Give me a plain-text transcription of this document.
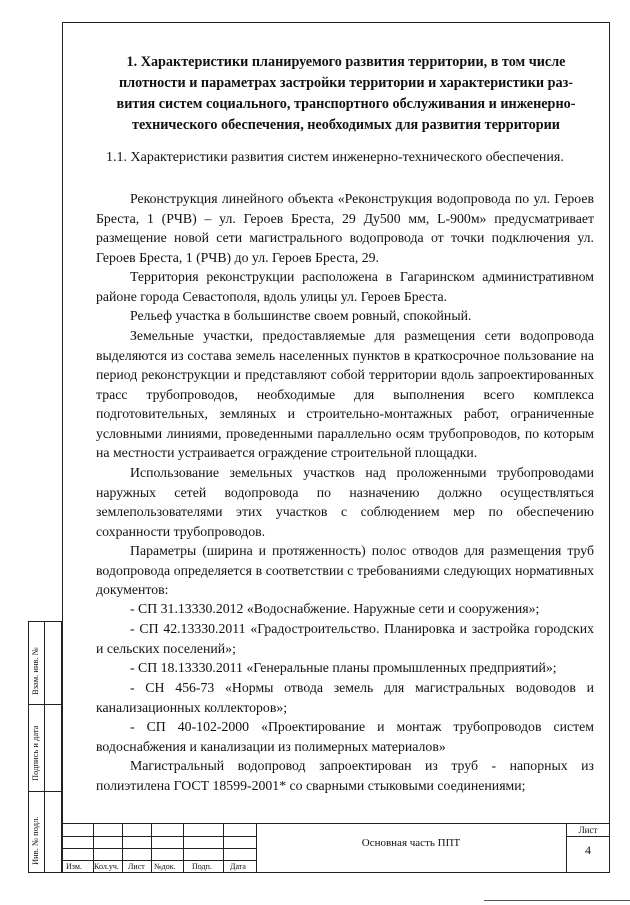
1. Характеристики планируемого развития территории, в том числе
плотности и параметрах застройки территории и характеристики раз-
вития систем социального, транспортного обслуживания и инженерно-
технического обеспечения, необходимых для развития территории
1.1. Характеристики развития систем инженерно-технического обеспечения.
Реконструкция линейного объекта «Реконструкция водопровода по ул. Героев Бреста, 1 (РЧВ) – ул. Героев Бреста, 29 Ду500 мм, L-900м» предусматривает размещение новой сети магистрального водопровода от точки подключения ул. Героев Бреста, 1 (РЧВ) до ул. Героев Бреста, 29.
Территория реконструкции расположена в Гагаринском административном районе города Севастополя, вдоль улицы ул. Героев Бреста.
Рельеф участка в большинстве своем ровный, спокойный.
Земельные участки, предоставляемые для размещения сети водопровода выделяются из состава земель населенных пунктов в краткосрочное пользование на период реконструкции и представляют собой территории вдоль запроектированных трасс трубопроводов, необходимые для выполнения всего комплекса подготовительных, земляных и строительно-монтажных работ, ограниченные условными линиями, проведенными параллельно осям трубопроводов, по которым на местности устраивается ограждение строительной площадки.
Использование земельных участков над проложенными трубопроводами наружных сетей водопровода по назначению должно осуществляться землепользователями этих участков с соблюдением мер по обеспечению сохранности трубопроводов.
Параметры (ширина и протяженность) полос отводов для размещения труб водопровода определяется в соответствии с требованиями следующих нормативных документов:
- СП 31.13330.2012 «Водоснабжение. Наружные сети и сооружения»;
- СП 42.13330.2011 «Градостроительство. Планировка и застройка городских и сельских поселений»;
- СП 18.13330.2011 «Генеральные планы промышленных предприятий»;
- СН 456-73 «Нормы отвода земель для магистральных водоводов и канализационных коллекторов»;
- СП 40-102-2000 «Проектирование и монтаж трубопроводов систем водоснабжения и канализации из полимерных материалов»
Магистральный водопровод запроектирован из труб - напорных из полиэтилена ГОСТ 18599-2001* со сварными стыковыми соединениями;
Взам. инв. №
Подпись и дата
Инв. № подл.
Изм. Кол.уч. Лист №док. Подп. Дата
Основная часть ППТ
Лист
4
